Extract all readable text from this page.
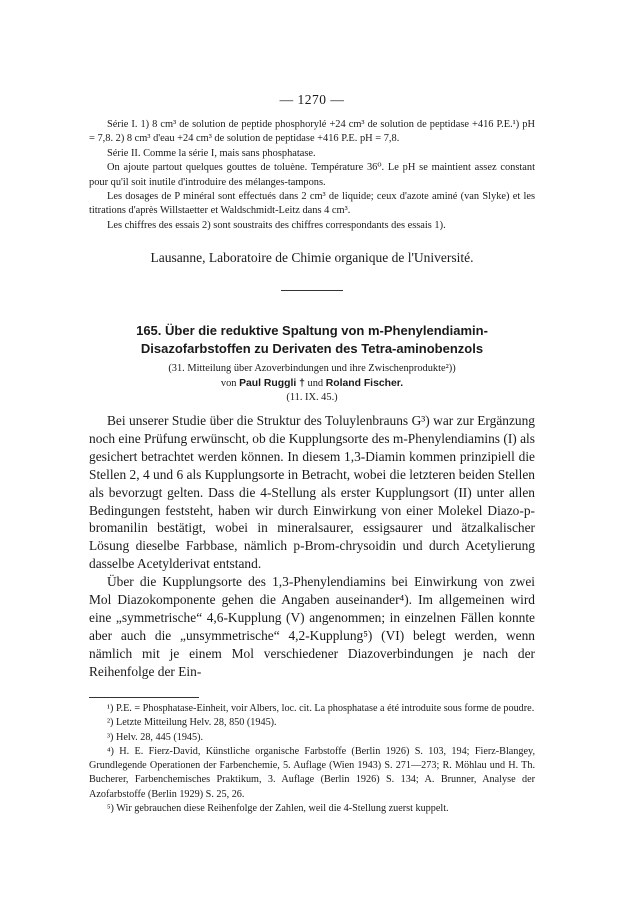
— 1270 —

Série I. 1) 8 cm³ de solution de peptide phosphorylé +24 cm³ de solution de peptidase +416 P.E.¹) pH = 7,8. 2) 8 cm³ d'eau +24 cm³ de solution de peptidase +416 P.E. pH = 7,8.

Série II. Comme la série I, mais sans phosphatase.

On ajoute partout quelques gouttes de toluène. Température 36⁰. Le pH se maintient assez constant pour qu'il soit inutile d'introduire des mélanges-tampons.

Les dosages de P minéral sont effectués dans 2 cm³ de liquide; ceux d'azote aminé (van Slyke) et les titrations d'après Willstaetter et Waldschmidt-Leitz dans 4 cm³.

Les chiffres des essais 2) sont soustraits des chiffres correspondants des essais 1).

Lausanne, Laboratoire de Chimie organique de l'Université.
165. Über die reduktive Spaltung von m-Phenylendiamin-
Disazofarbstoffen zu Derivaten des Tetra-aminobenzols
(31. Mitteilung über Azoverbindungen und ihre Zwischenprodukte²))
von Paul Ruggli † und Roland Fischer.
(11. IX. 45.)

Bei unserer Studie über die Struktur des Toluylenbrauns G³) war zur Ergänzung noch eine Prüfung erwünscht, ob die Kupplungsorte des m-Phenylendiamins (I) als gesichert betrachtet werden können. In diesem 1,3-Diamin kommen prinzipiell die Stellen 2, 4 und 6 als Kupplungsorte in Betracht, wobei die letzteren beiden Stellen als bevorzugt gelten. Dass die 4-Stellung als erster Kupplungsort (II) unter allen Bedingungen feststeht, haben wir durch Einwirkung von einer Molekel Diazo-p-bromanilin bestätigt, wobei in mineralsaurer, essigsaurer und ätzalkalischer Lösung dieselbe Farbbase, nämlich p-Brom-chrysoidin und durch Acetylierung dasselbe Acetylderivat entstand.

Über die Kupplungsorte des 1,3-Phenylendiamins bei Einwirkung von zwei Mol Diazokomponente gehen die Angaben auseinander⁴). Im allgemeinen wird eine „symmetrische“ 4,6-Kupplung (V) angenommen; in einzelnen Fällen konnte aber auch die „unsymmetrische“ 4,2-Kupplung⁵) (VI) belegt werden, wenn nämlich mit je einem Mol verschiedener Diazoverbindungen je nach der Reihenfolge der Ein-

¹) P.E. = Phosphatase-Einheit, voir Albers, loc. cit. La phosphatase a été introduite sous forme de poudre.

²) Letzte Mitteilung Helv. 28, 850 (1945).

³) Helv. 28, 445 (1945).

⁴) H. E. Fierz-David, Künstliche organische Farbstoffe (Berlin 1926) S. 103, 194; Fierz-Blangey, Grundlegende Operationen der Farbenchemie, 5. Auflage (Wien 1943) S. 271—273; R. Möhlau und H. Th. Bucherer, Farbenchemisches Praktikum, 3. Auflage (Berlin 1926) S. 134; A. Brunner, Analyse der Azofarbstoffe (Berlin 1929) S. 25, 26.

⁵) Wir gebrauchen diese Reihenfolge der Zahlen, weil die 4-Stellung zuerst kuppelt.
